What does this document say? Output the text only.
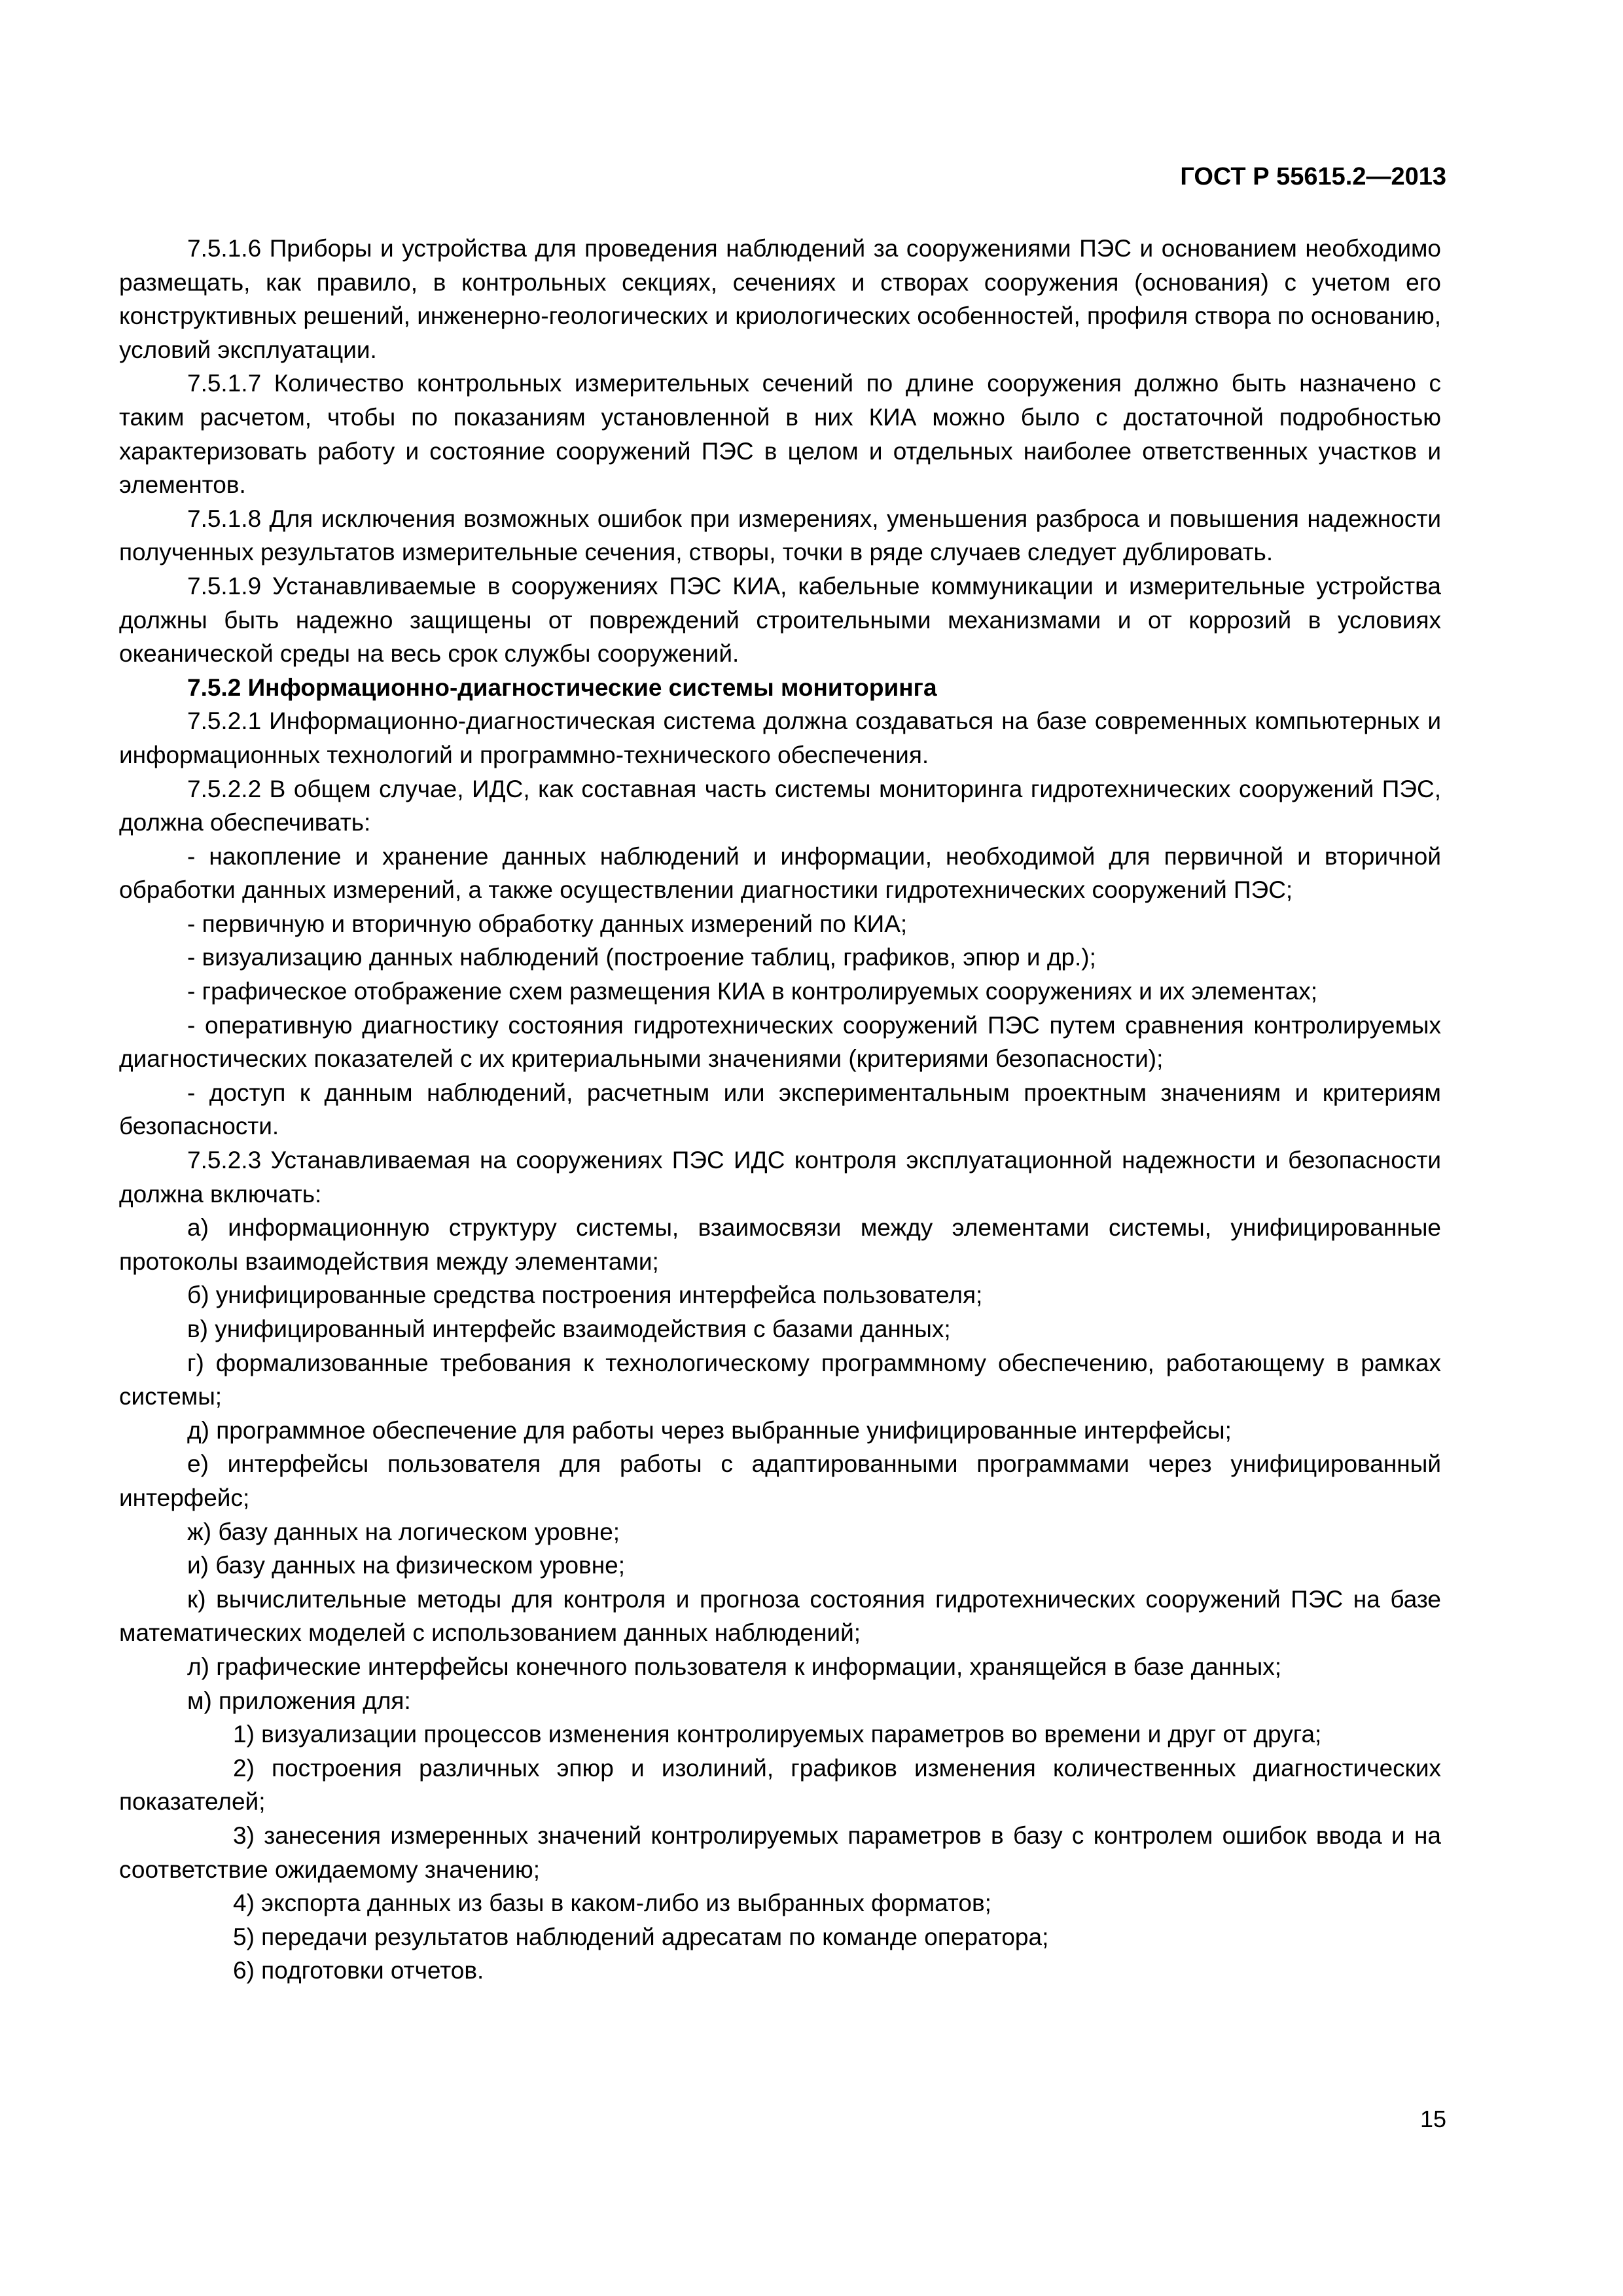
ГОСТ Р 55615.2—2013

7.5.1.6 Приборы и устройства для проведения наблюдений за сооружениями ПЭС и основанием необходимо размещать, как правило, в контрольных секциях, сечениях и створах сооружения (основания) с учетом его конструктивных решений, инженерно-геологических и криологических особенностей, профиля створа по основанию, условий эксплуатации.

7.5.1.7 Количество контрольных измерительных сечений по длине сооружения должно быть назначено с таким расчетом, чтобы по показаниям установленной в них КИА можно было с достаточной подробностью характеризовать работу и состояние сооружений ПЭС в целом и отдельных наиболее ответственных участков и элементов.

7.5.1.8 Для исключения возможных ошибок при измерениях, уменьшения разброса и повышения надежности полученных результатов измерительные сечения, створы, точки в ряде случаев следует дублировать.

7.5.1.9 Устанавливаемые в сооружениях ПЭС КИА, кабельные коммуникации и измерительные устройства должны быть надежно защищены от повреждений строительными механизмами и от коррозий в условиях океанической среды на весь срок службы сооружений.

7.5.2 Информационно-диагностические системы мониторинга

7.5.2.1 Информационно-диагностическая система должна создаваться на базе современных компьютерных и информационных технологий и программно-технического обеспечения.

7.5.2.2 В общем случае, ИДС, как составная часть системы мониторинга гидротехнических сооружений ПЭС, должна обеспечивать:

- накопление и хранение данных наблюдений и информации, необходимой для первичной и вторичной обработки данных измерений, а также осуществлении диагностики гидротехнических сооружений ПЭС;

- первичную и вторичную обработку данных измерений по КИА;

- визуализацию данных наблюдений (построение таблиц, графиков, эпюр и др.);

- графическое отображение схем размещения КИА в контролируемых сооружениях и их элементах;

- оперативную диагностику состояния гидротехнических сооружений ПЭС путем сравнения контролируемых диагностических показателей с их критериальными значениями (критериями безопасности);

- доступ к данным наблюдений, расчетным или экспериментальным проектным значениям и критериям безопасности.

7.5.2.3 Устанавливаемая на сооружениях ПЭС ИДС контроля эксплуатационной надежности и безопасности должна включать:

а) информационную структуру системы, взаимосвязи между элементами системы, унифицированные протоколы взаимодействия между элементами;

б) унифицированные средства построения интерфейса пользователя;

в) унифицированный интерфейс взаимодействия с базами данных;

г) формализованные требования к технологическому программному обеспечению, работающему в рамках системы;

д) программное обеспечение для работы через выбранные унифицированные интерфейсы;

е) интерфейсы пользователя для работы с адаптированными программами через унифицированный интерфейс;

ж) базу данных на логическом уровне;

и) базу данных на физическом уровне;

к) вычислительные методы для контроля и прогноза состояния гидротехнических сооружений ПЭС на базе математических моделей с использованием данных наблюдений;

л) графические интерфейсы конечного пользователя к информации, хранящейся в базе данных;

м) приложения для:

1) визуализации процессов изменения контролируемых параметров во времени и друг от друга;

2) построения различных эпюр и изолиний, графиков изменения количественных диагностических показателей;

3) занесения измеренных значений контролируемых параметров в базу с контролем ошибок ввода и на соответствие ожидаемому значению;

4) экспорта данных из базы в каком-либо из выбранных форматов;

5) передачи результатов наблюдений адресатам по команде оператора;

6) подготовки отчетов.

15
